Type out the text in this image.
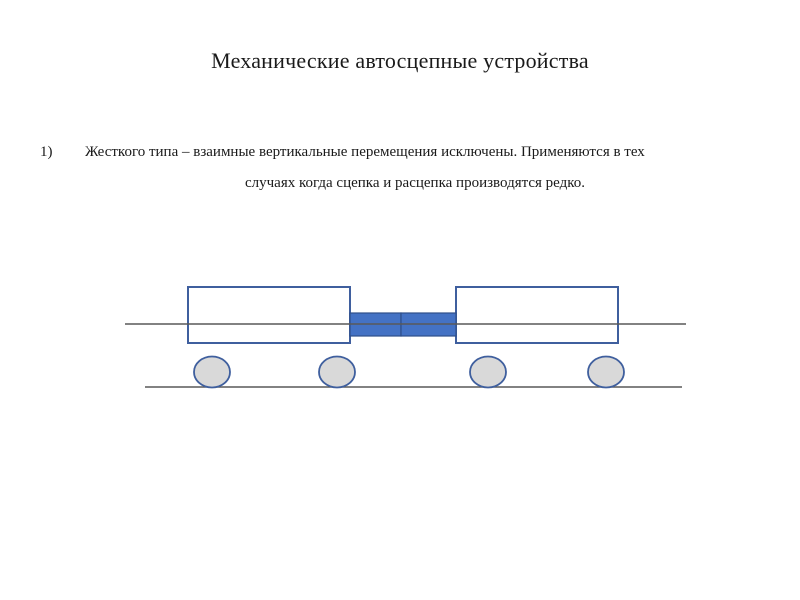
Механические автосцепные устройства
1) Жесткого типа – взаимные вертикальные перемещения исключены. Применяются в тех
случаях когда сцепка и расцепка производятся редко.
